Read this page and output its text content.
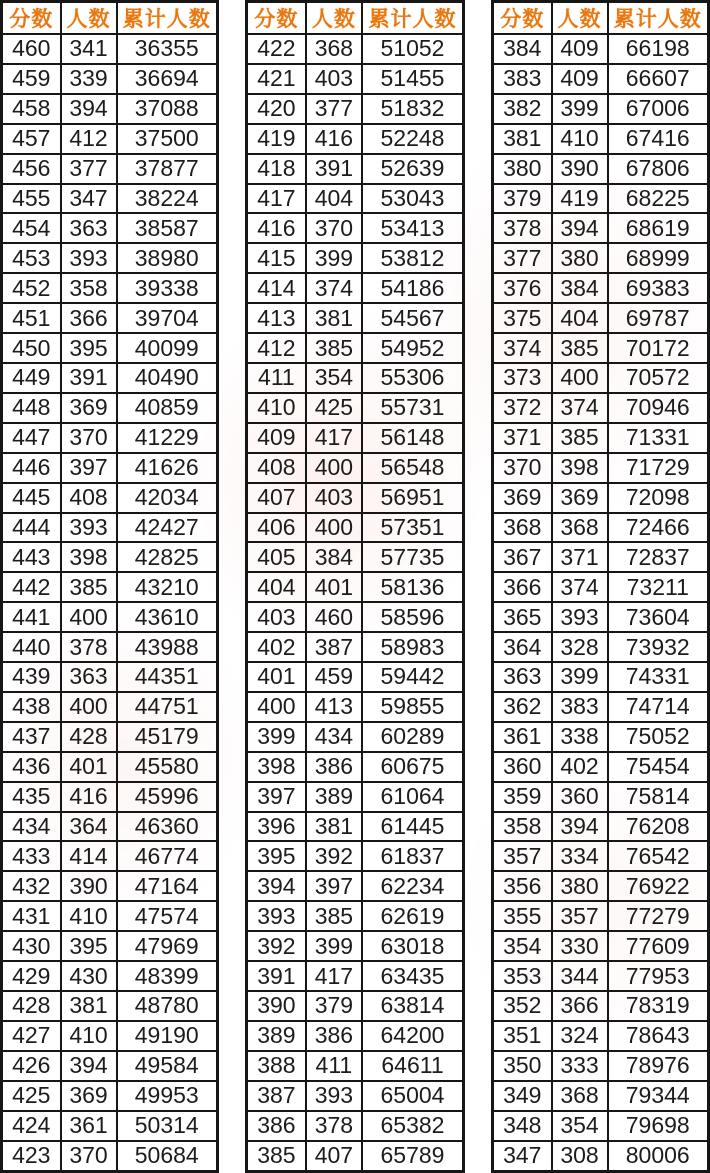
分数	人数	累计人数
460	341	36355
459	339	36694
458	394	37088
457	412	37500
456	377	37877
455	347	38224
454	363	38587
453	393	38980
452	358	39338
451	366	39704
450	395	40099
449	391	40490
448	369	40859
447	370	41229
446	397	41626
445	408	42034
444	393	42427
443	398	42825
442	385	43210
441	400	43610
440	378	43988
439	363	44351
438	400	44751
437	428	45179
436	401	45580
435	416	45996
434	364	46360
433	414	46774
432	390	47164
431	410	47574
430	395	47969
429	430	48399
428	381	48780
427	410	49190
426	394	49584
425	369	49953
424	361	50314
423	370	50684
分数	人数	累计人数
422	368	51052
421	403	51455
420	377	51832
419	416	52248
418	391	52639
417	404	53043
416	370	53413
415	399	53812
414	374	54186
413	381	54567
412	385	54952
411	354	55306
410	425	55731
409	417	56148
408	400	56548
407	403	56951
406	400	57351
405	384	57735
404	401	58136
403	460	58596
402	387	58983
401	459	59442
400	413	59855
399	434	60289
398	386	60675
397	389	61064
396	381	61445
395	392	61837
394	397	62234
393	385	62619
392	399	63018
391	417	63435
390	379	63814
389	386	64200
388	411	64611
387	393	65004
386	378	65382
385	407	65789
分数	人数	累计人数
384	409	66198
383	409	66607
382	399	67006
381	410	67416
380	390	67806
379	419	68225
378	394	68619
377	380	68999
376	384	69383
375	404	69787
374	385	70172
373	400	70572
372	374	70946
371	385	71331
370	398	71729
369	369	72098
368	368	72466
367	371	72837
366	374	73211
365	393	73604
364	328	73932
363	399	74331
362	383	74714
361	338	75052
360	402	75454
359	360	75814
358	394	76208
357	334	76542
356	380	76922
355	357	77279
354	330	77609
353	344	77953
352	366	78319
351	324	78643
350	333	78976
349	368	79344
348	354	79698
347	308	80006
